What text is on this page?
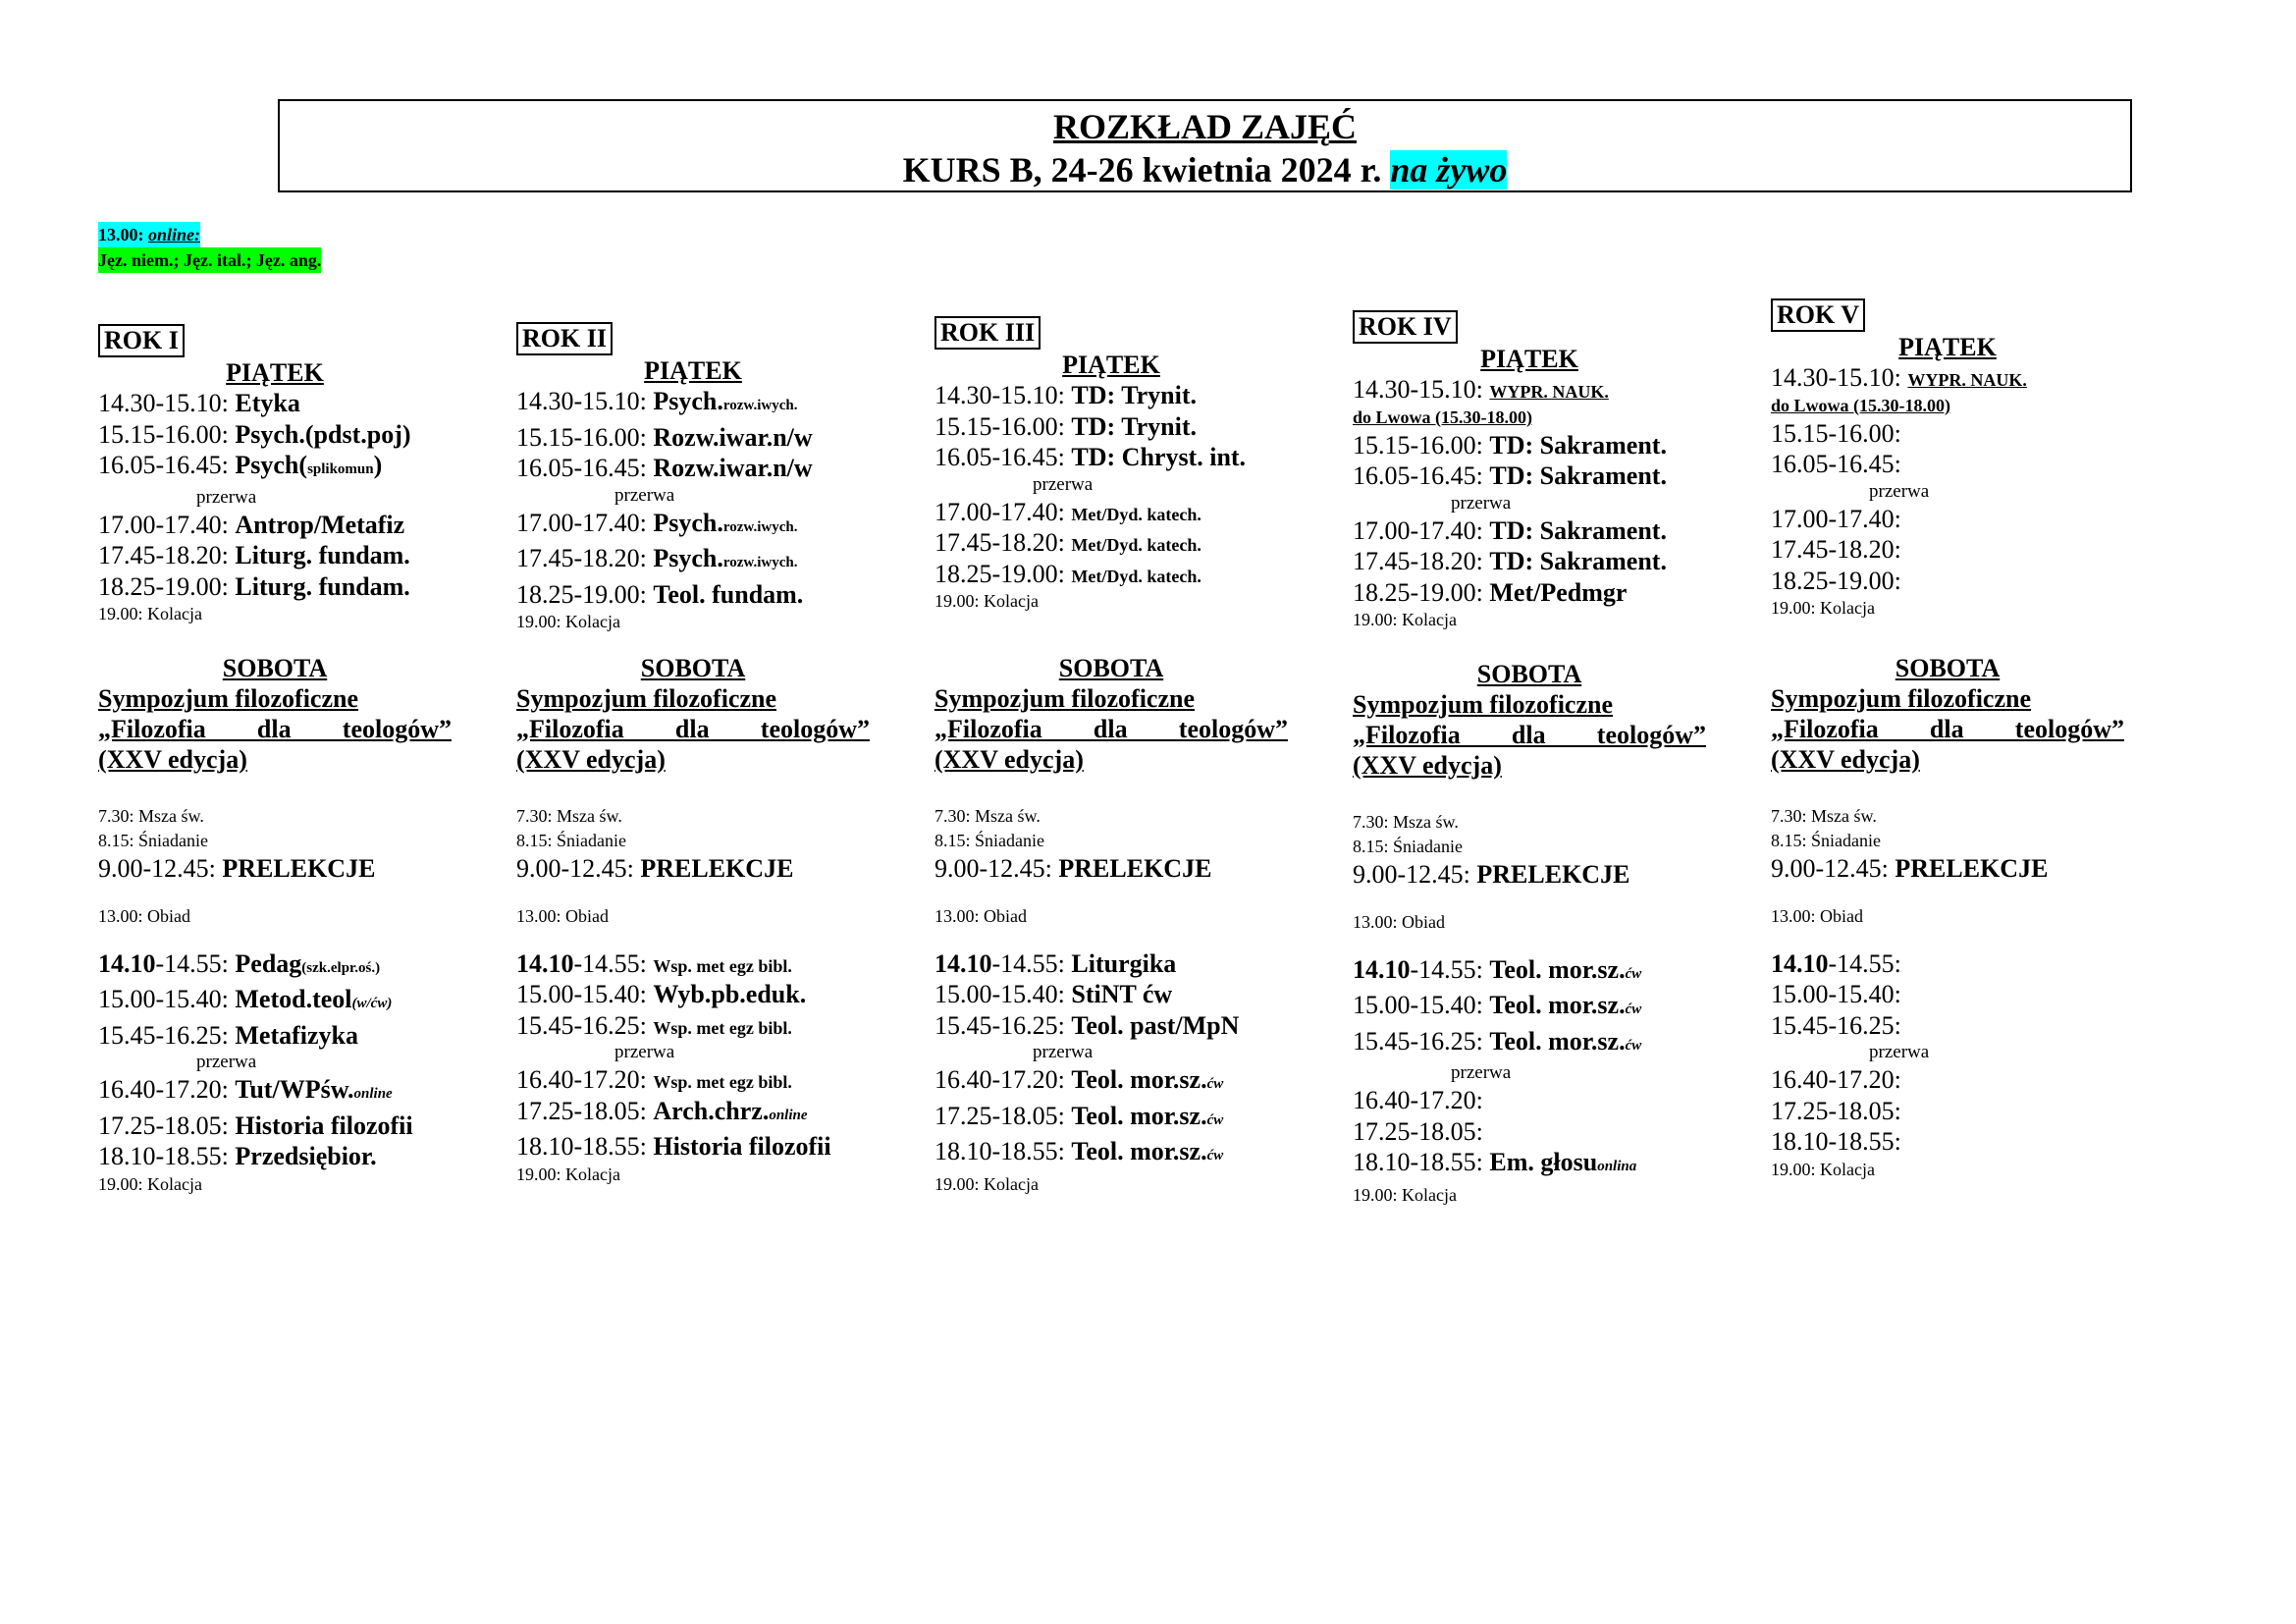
ROZKŁAD ZAJĘĆ
KURS B, 24-26 kwietnia 2024 r. na żywo
13.00: online:
Jęz. niem.; Jęz. ital.; Jęz. ang.
ROK I
PIĄTEK
14.30-15.10: Etyka
15.15-16.00: Psych.(pdst.poj)
16.05-16.45: Psych(splikomun)
przerwa
17.00-17.40: Antrop/Metafiz
17.45-18.20: Liturg. fundam.
18.25-19.00: Liturg. fundam.
19.00: Kolacja
SOBOTA
Sympozjum filozoficzne
„Filozofia dla teologów”
(XXV edycja)
7.30: Msza św.
8.15: Śniadanie
9.00-12.45: PRELEKCJE
13.00: Obiad
14.10-14.55: Pedag(szk.elpr.oś.)
15.00-15.40: Metod.teol(w/ćw)
15.45-16.25: Metafizyka
przerwa
16.40-17.20: Tut/WPśw.online
17.25-18.05: Historia filozofii
18.10-18.55: Przedsiębior.
19.00: Kolacja
ROK II
PIĄTEK
14.30-15.10: Psych.rozw.iwych.
15.15-16.00: Rozw.iwar.n/w
16.05-16.45: Rozw.iwar.n/w
przerwa
17.00-17.40: Psych.rozw.iwych.
17.45-18.20: Psych.rozw.iwych.
18.25-19.00: Teol. fundam.
19.00: Kolacja
SOBOTA
Sympozjum filozoficzne
„Filozofia dla teologów”
(XXV edycja)
7.30: Msza św.
8.15: Śniadanie
9.00-12.45: PRELEKCJE
13.00: Obiad
14.10-14.55: Wsp. met egz bibl.
15.00-15.40: Wyb.pb.eduk.
15.45-16.25: Wsp. met egz bibl.
przerwa
16.40-17.20: Wsp. met egz bibl.
17.25-18.05: Arch.chrz.online
18.10-18.55: Historia filozofii
19.00: Kolacja
ROK III
PIĄTEK
14.30-15.10: TD: Trynit.
15.15-16.00: TD: Trynit.
16.05-16.45: TD: Chryst. int.
przerwa
17.00-17.40: Met/Dyd. katech.
17.45-18.20: Met/Dyd. katech.
18.25-19.00: Met/Dyd. katech.
19.00: Kolacja
SOBOTA
Sympozjum filozoficzne
„Filozofia dla teologów”
(XXV edycja)
7.30: Msza św.
8.15: Śniadanie
9.00-12.45: PRELEKCJE
13.00: Obiad
14.10-14.55: Liturgika
15.00-15.40: StiNT ćw
15.45-16.25: Teol. past/MpN
przerwa
16.40-17.20: Teol. mor.sz.ćw
17.25-18.05: Teol. mor.sz.ćw
18.10-18.55: Teol. mor.sz.ćw
19.00: Kolacja
ROK IV
PIĄTEK
14.30-15.10: WYPR. NAUK.
do Lwowa (15.30-18.00)
15.15-16.00: TD: Sakrament.
16.05-16.45: TD: Sakrament.
przerwa
17.00-17.40: TD: Sakrament.
17.45-18.20: TD: Sakrament.
18.25-19.00: Met/Pedmgr
19.00: Kolacja
SOBOTA
Sympozjum filozoficzne
„Filozofia dla teologów”
(XXV edycja)
7.30: Msza św.
8.15: Śniadanie
9.00-12.45: PRELEKCJE
13.00: Obiad
14.10-14.55: Teol. mor.sz.ćw
15.00-15.40: Teol. mor.sz.ćw
15.45-16.25: Teol. mor.sz.ćw
przerwa
16.40-17.20:
17.25-18.05:
18.10-18.55: Em. głosuonlina
19.00: Kolacja
ROK V
PIĄTEK
14.30-15.10: WYPR. NAUK.
do Lwowa (15.30-18.00)
15.15-16.00:
16.05-16.45:
przerwa
17.00-17.40:
17.45-18.20:
18.25-19.00:
19.00: Kolacja
SOBOTA
Sympozjum filozoficzne
„Filozofia dla teologów”
(XXV edycja)
7.30: Msza św.
8.15: Śniadanie
9.00-12.45: PRELEKCJE
13.00: Obiad
14.10-14.55:
15.00-15.40:
15.45-16.25:
przerwa
16.40-17.20:
17.25-18.05:
18.10-18.55:
19.00: Kolacja
